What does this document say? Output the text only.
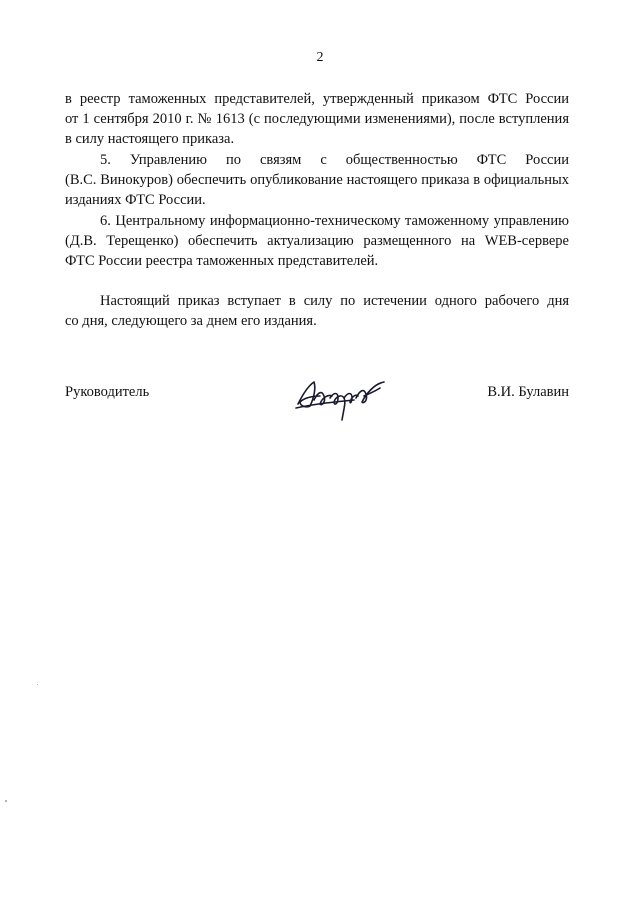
2
в реестр таможенных представителей, утвержденный приказом ФТС России
от 1 сентября 2010 г. № 1613 (с последующими изменениями), после вступления
в силу настоящего приказа.
5. Управлению по связям с общественностью ФТС России
(В.С. Винокуров) обеспечить опубликование настоящего приказа в официальных
изданиях ФТС России.
6. Центральному информационно-техническому таможенному управлению
(Д.В. Терещенко) обеспечить актуализацию размещенного на WEB-сервере
ФТС России реестра таможенных представителей.
Настоящий приказ вступает в силу по истечении одного рабочего дня
со дня, следующего за днем его издания.
Руководитель	В.И. Булавин
